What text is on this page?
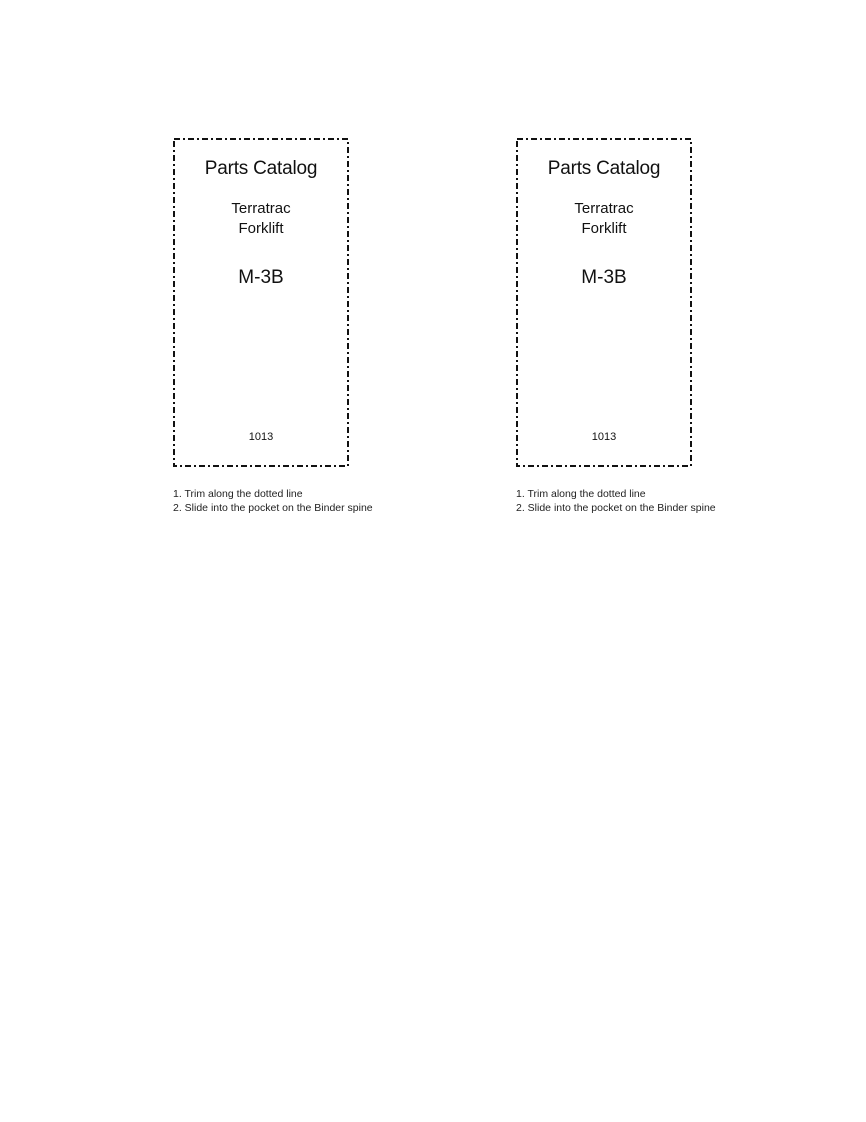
Parts Catalog
Terratrac
Forklift
M-3B
1013
1. Trim along the dotted line
2. Slide into the pocket on the Binder spine
Parts Catalog
Terratrac
Forklift
M-3B
1013
1. Trim along the dotted line
2. Slide into the pocket on the Binder spine
